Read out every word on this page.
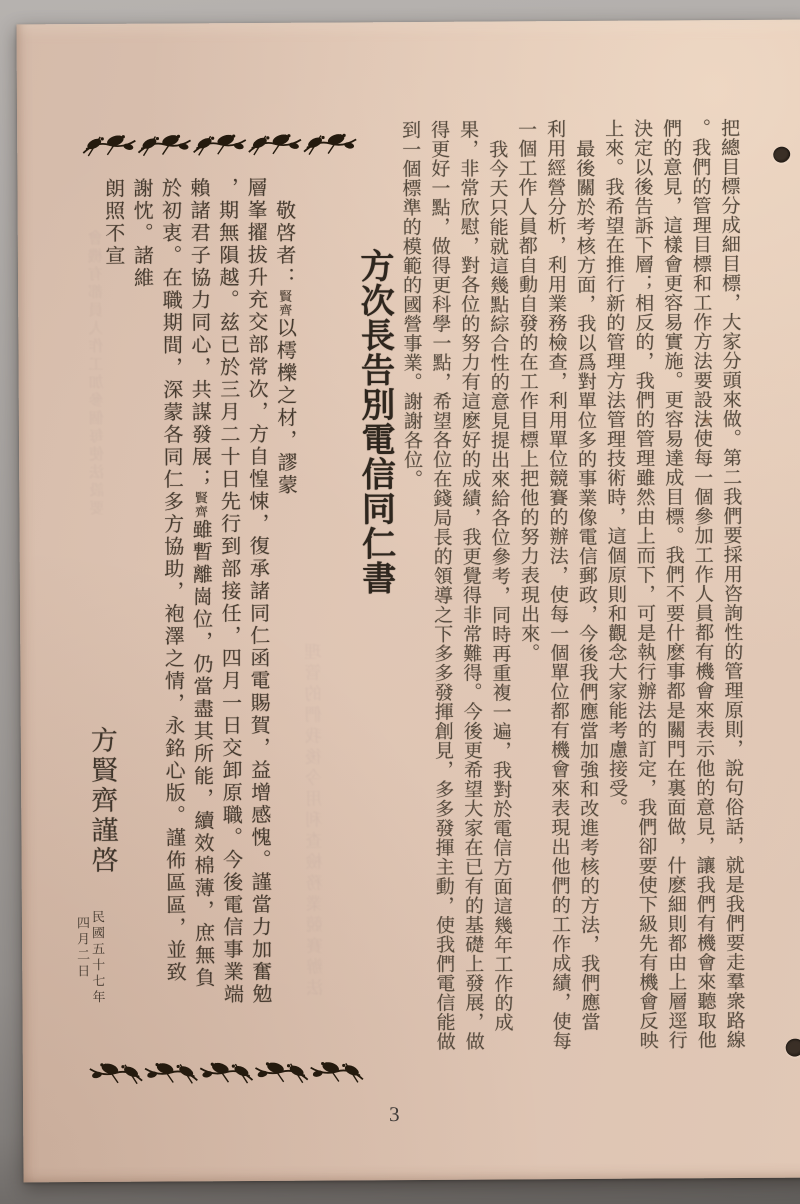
把總目標分成細目標，大家分頭來做。第二我們要採用咨詢性的管理原則，說句俗話，就是我們要走羣衆路線

。我們的管理目標和工作方法要設法使每一個參加工作人員都有機會來表示他的意見，讓我們有機會來聽取他

們的意見，這樣會更容易實施。更容易達成目標。我們不要什麽事都是關門在裏面做，什麽細則都由上層逕行

決定以後告訴下層；相反的，我們的管理雖然由上而下，可是執行辦法的訂定，我們卻要使下級先有機會反映

上來。我希望在推行新的管理方法管理技術時，這個原則和觀念大家能考慮接受。

最後關於考核方面，我以爲對單位多的事業像電信郵政，今後我們應當加強和改進考核的方法，我們應當

利用經營分析，利用業務檢查，利用單位競賽的辦法，使每一個單位都有機會來表現出他們的工作成績，使每

一個工作人員都自動自發的在工作目標上把他的努力表現出來。

我今天只能就這幾點綜合性的意見提出來給各位參考，同時再重複一遍，我對於電信方面這幾年工作的成

果，非常欣慰，對各位的努力有這麽好的成績，我更覺得非常難得。今後更希望大家在已有的基礎上發展，做

得更好一點，做得更科學一點，希望各位在錢局長的領導之下多多發揮創見，多多發揮主動，使我們電信能做

到一個標準的模範的國營事業。謝謝各位。

方次長告別電信同仁書

敬啓者：賢齊以樗櫟之材，謬蒙

層峯擢拔升充交部常次，方自惶悚，復承諸同仁函電賜賀，益增感愧。謹當力加奮勉

，期無隕越。兹已於三月二十日先行到部接任，四月一日交卸原職。今後電信事業端

賴諸君子協力同心，共謀發展；賢齊雖暫離崗位，仍當盡其所能，續效棉薄，庶無負

於初衷。在職期間，深蒙各同仁多方協助，袍澤之情，永銘心版。謹佈區區，並致

謝忱。諸維

朗照不宣

方賢齊謹啓

民國五十七年
四月二日
3
理管的們我後今用利查檢務業競賽辦法
會機有都員人作工加參個每使法設要
